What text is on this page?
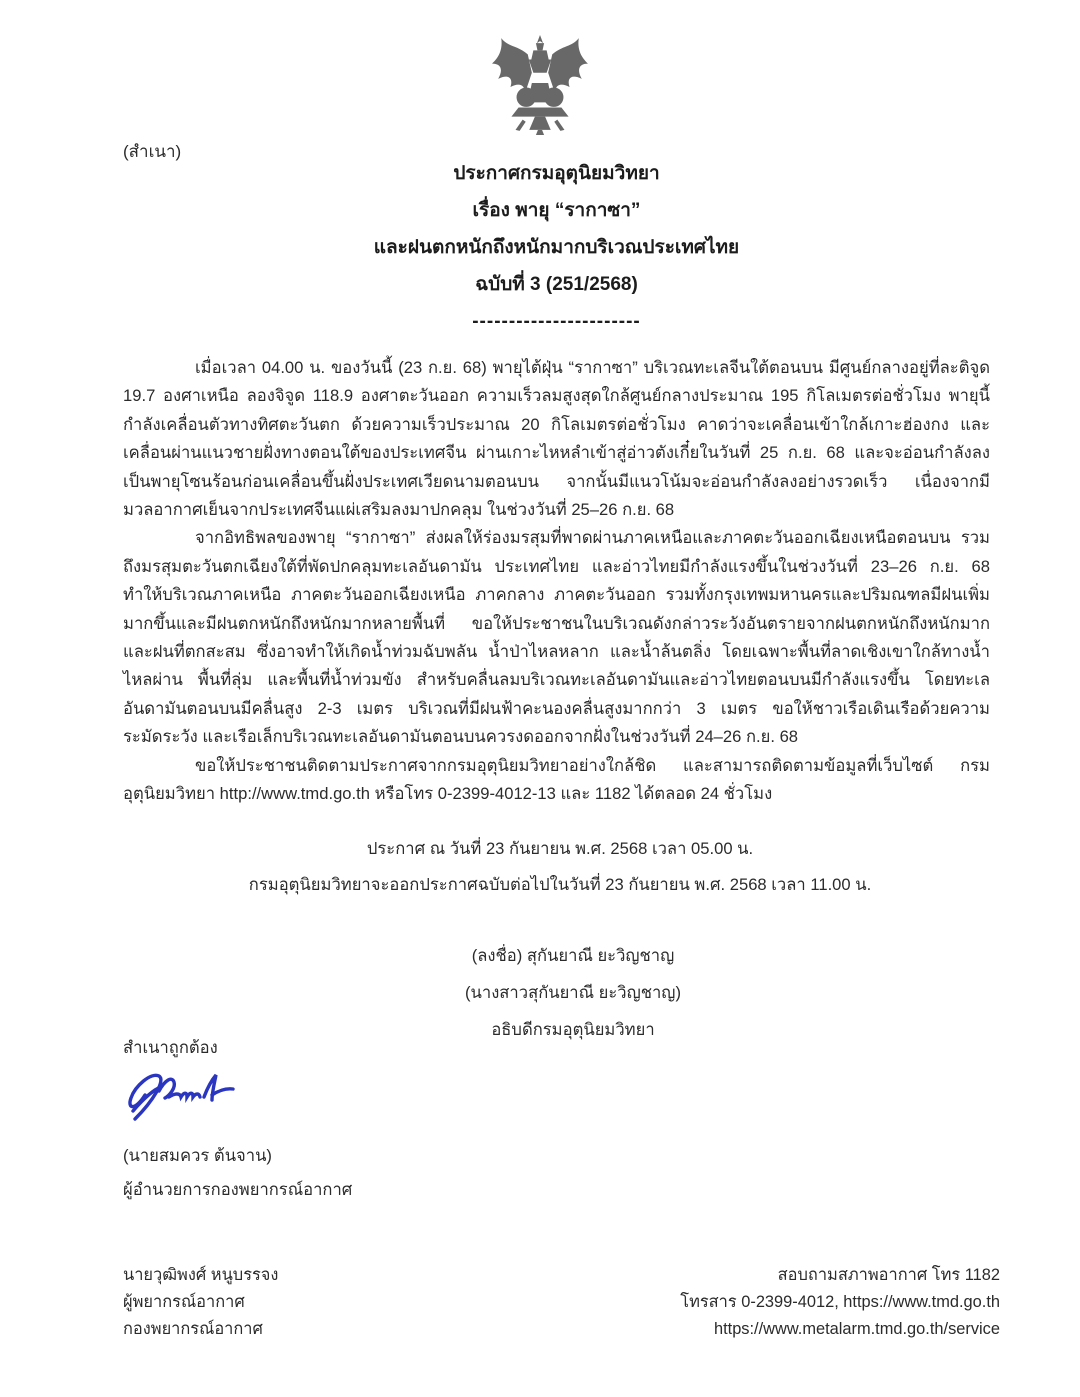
(สำเนา)
ประกาศกรมอุตุนิยมวิทยา
เรื่อง พายุ “รากาซา”
และฝนตกหนักถึงหนักมากบริเวณประเทศไทย
ฉบับที่ 3 (251/2568)
-----------------------

เมื่อเวลา 04.00 น. ของวันนี้ (23 ก.ย. 68) พายุไต้ฝุ่น “รากาซา” บริเวณทะเลจีนใต้ตอนบน มีศูนย์กลางอยู่ที่ละติจูด 19.7 องศาเหนือ ลองจิจูด 118.9 องศาตะวันออก ความเร็วลมสูงสุดใกล้ศูนย์กลางประมาณ 195 กิโลเมตรต่อชั่วโมง พายุนี้กำลังเคลื่อนตัวทางทิศตะวันตก ด้วยความเร็วประมาณ 20 กิโลเมตรต่อชั่วโมง คาดว่าจะเคลื่อนเข้าใกล้เกาะฮ่องกง และเคลื่อนผ่านแนวชายฝั่งทางตอนใต้ของประเทศจีน ผ่านเกาะไหหลำเข้าสู่อ่าวตังเกี๋ยในวันที่ 25 ก.ย. 68 และจะอ่อนกำลังลงเป็นพายุโซนร้อนก่อนเคลื่อนขึ้นฝั่งประเทศเวียดนามตอนบน จากนั้นมีแนวโน้มจะอ่อนกำลังลงอย่างรวดเร็ว เนื่องจากมีมวลอากาศเย็นจากประเทศจีนแผ่เสริมลงมาปกคลุม ในช่วงวันที่ 25–26 ก.ย. 68

จากอิทธิพลของพายุ “รากาซา” ส่งผลให้ร่องมรสุมที่พาดผ่านภาคเหนือและภาคตะวันออกเฉียงเหนือตอนบน รวมถึงมรสุมตะวันตกเฉียงใต้ที่พัดปกคลุมทะเลอันดามัน ประเทศไทย และอ่าวไทยมีกำลังแรงขึ้นในช่วงวันที่ 23–26 ก.ย. 68 ทำให้บริเวณภาคเหนือ ภาคตะวันออกเฉียงเหนือ ภาคกลาง ภาคตะวันออก รวมทั้งกรุงเทพมหานครและปริมณฑลมีฝนเพิ่มมากขึ้นและมีฝนตกหนักถึงหนักมากหลายพื้นที่ ขอให้ประชาชนในบริเวณดังกล่าวระวังอันตรายจากฝนตกหนักถึงหนักมากและฝนที่ตกสะสม ซึ่งอาจทำให้เกิดน้ำท่วมฉับพลัน น้ำป่าไหลหลาก และน้ำล้นตลิ่ง โดยเฉพาะพื้นที่ลาดเชิงเขาใกล้ทางน้ำไหลผ่าน พื้นที่ลุ่ม และพื้นที่น้ำท่วมขัง สำหรับคลื่นลมบริเวณทะเลอันดามันและอ่าวไทยตอนบนมีกำลังแรงขึ้น โดยทะเลอันดามันตอนบนมีคลื่นสูง 2-3 เมตร บริเวณที่มีฝนฟ้าคะนองคลื่นสูงมากกว่า 3 เมตร ขอให้ชาวเรือเดินเรือด้วยความระมัดระวัง และเรือเล็กบริเวณทะเลอันดามันตอนบนควรงดออกจากฝั่งในช่วงวันที่ 24–26 ก.ย. 68

ขอให้ประชาชนติดตามประกาศจากกรมอุตุนิยมวิทยาอย่างใกล้ชิด และสามารถติดตามข้อมูลที่เว็บไซต์ กรมอุตุนิยมวิทยา http://www.tmd.go.th หรือโทร 0-2399-4012-13 และ 1182 ได้ตลอด 24 ชั่วโมง

ประกาศ ณ วันที่ 23 กันยายน พ.ศ. 2568 เวลา 05.00 น.
กรมอุตุนิยมวิทยาจะออกประกาศฉบับต่อไปในวันที่ 23 กันยายน พ.ศ. 2568 เวลา 11.00 น.
(ลงชื่อ) สุกันยาณี ยะวิญชาญ
(นางสาวสุกันยาณี ยะวิญชาญ)
อธิบดีกรมอุตุนิยมวิทยา
สำเนาถูกต้อง
(นายสมควร ต้นจาน)
ผู้อำนวยการกองพยากรณ์อากาศ
นายวุฒิพงศ์ หนูบรรจง
ผู้พยากรณ์อากาศ
กองพยากรณ์อากาศ
สอบถามสภาพอากาศ โทร 1182
โทรสาร 0-2399-4012, https://www.tmd.go.th
https://www.metalarm.tmd.go.th/service
